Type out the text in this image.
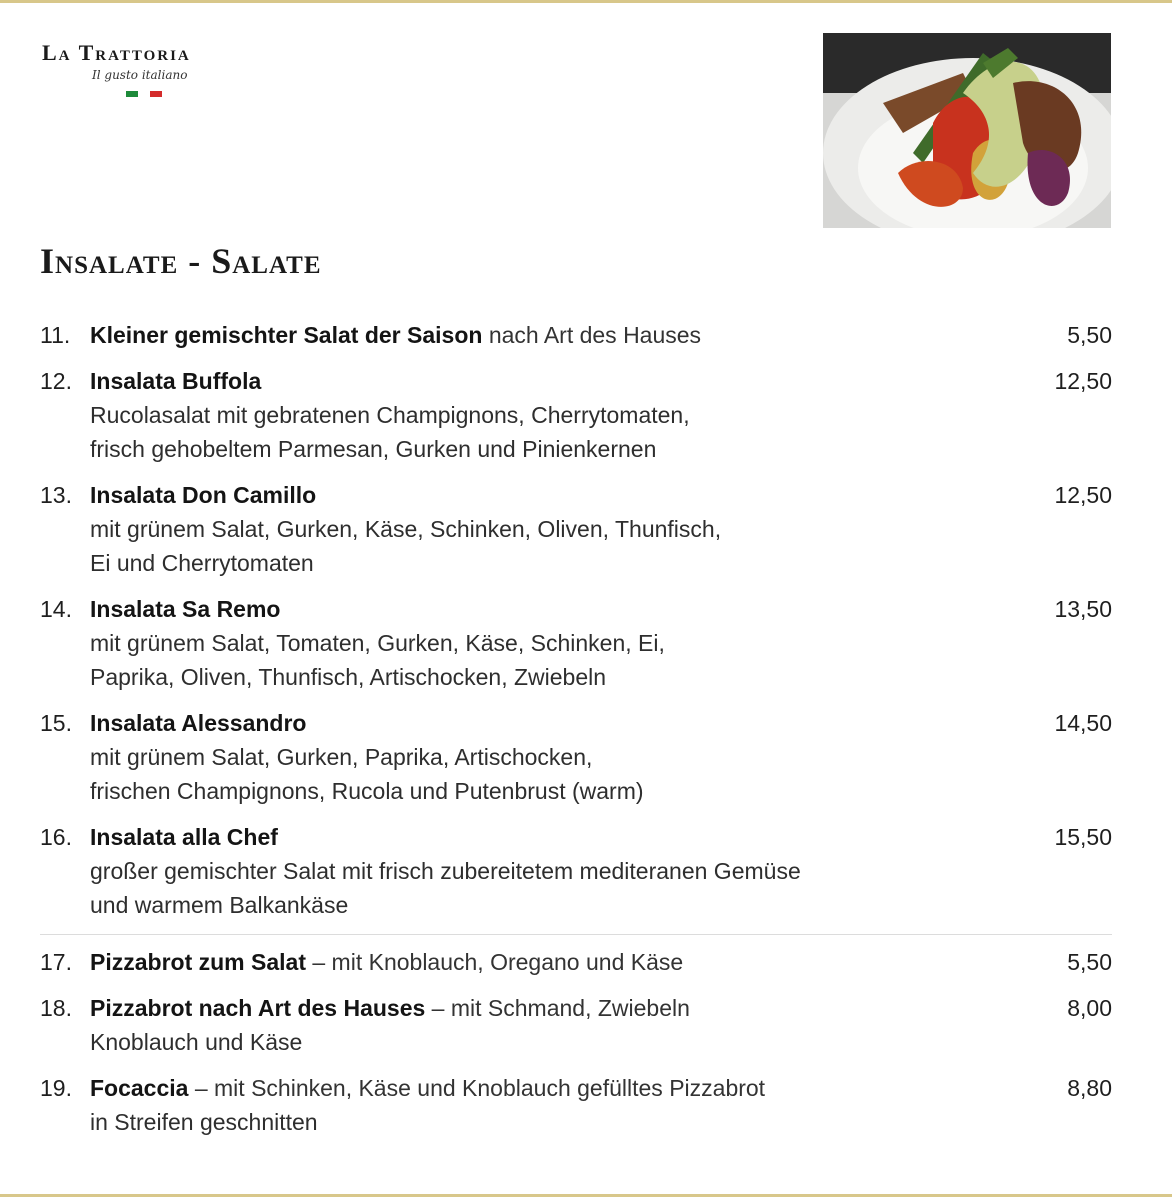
La Trattoria
Il gusto italiano
Insalate - Salate
11. Kleiner gemischter Salat der Saison nach Art des Hauses	5,50
12. Insalata Buffola	12,50
Rucolasalat mit gebratenen Champignons, Cherrytomaten,
frisch gehobeltem Parmesan, Gurken und Pinienkernen
13. Insalata Don Camillo	12,50
mit grünem Salat, Gurken, Käse, Schinken, Oliven, Thunfisch,
Ei und Cherrytomaten
14. Insalata Sa Remo	13,50
mit grünem Salat, Tomaten, Gurken, Käse, Schinken, Ei,
Paprika, Oliven, Thunfisch, Artischocken, Zwiebeln
15. Insalata Alessandro	14,50
mit grünem Salat, Gurken, Paprika, Artischocken,
frischen Champignons, Rucola und Putenbrust (warm)
16. Insalata alla Chef	15,50
großer gemischter Salat mit frisch zubereitetem mediteranen Gemüse
und warmem Balkankäse
17. Pizzabrot zum Salat – mit Knoblauch, Oregano und Käse	5,50
18. Pizzabrot nach Art des Hauses – mit Schmand, Zwiebeln	8,00
Knoblauch und Käse
19. Focaccia – mit Schinken, Käse und Knoblauch gefülltes Pizzabrot	8,80
in Streifen geschnitten
